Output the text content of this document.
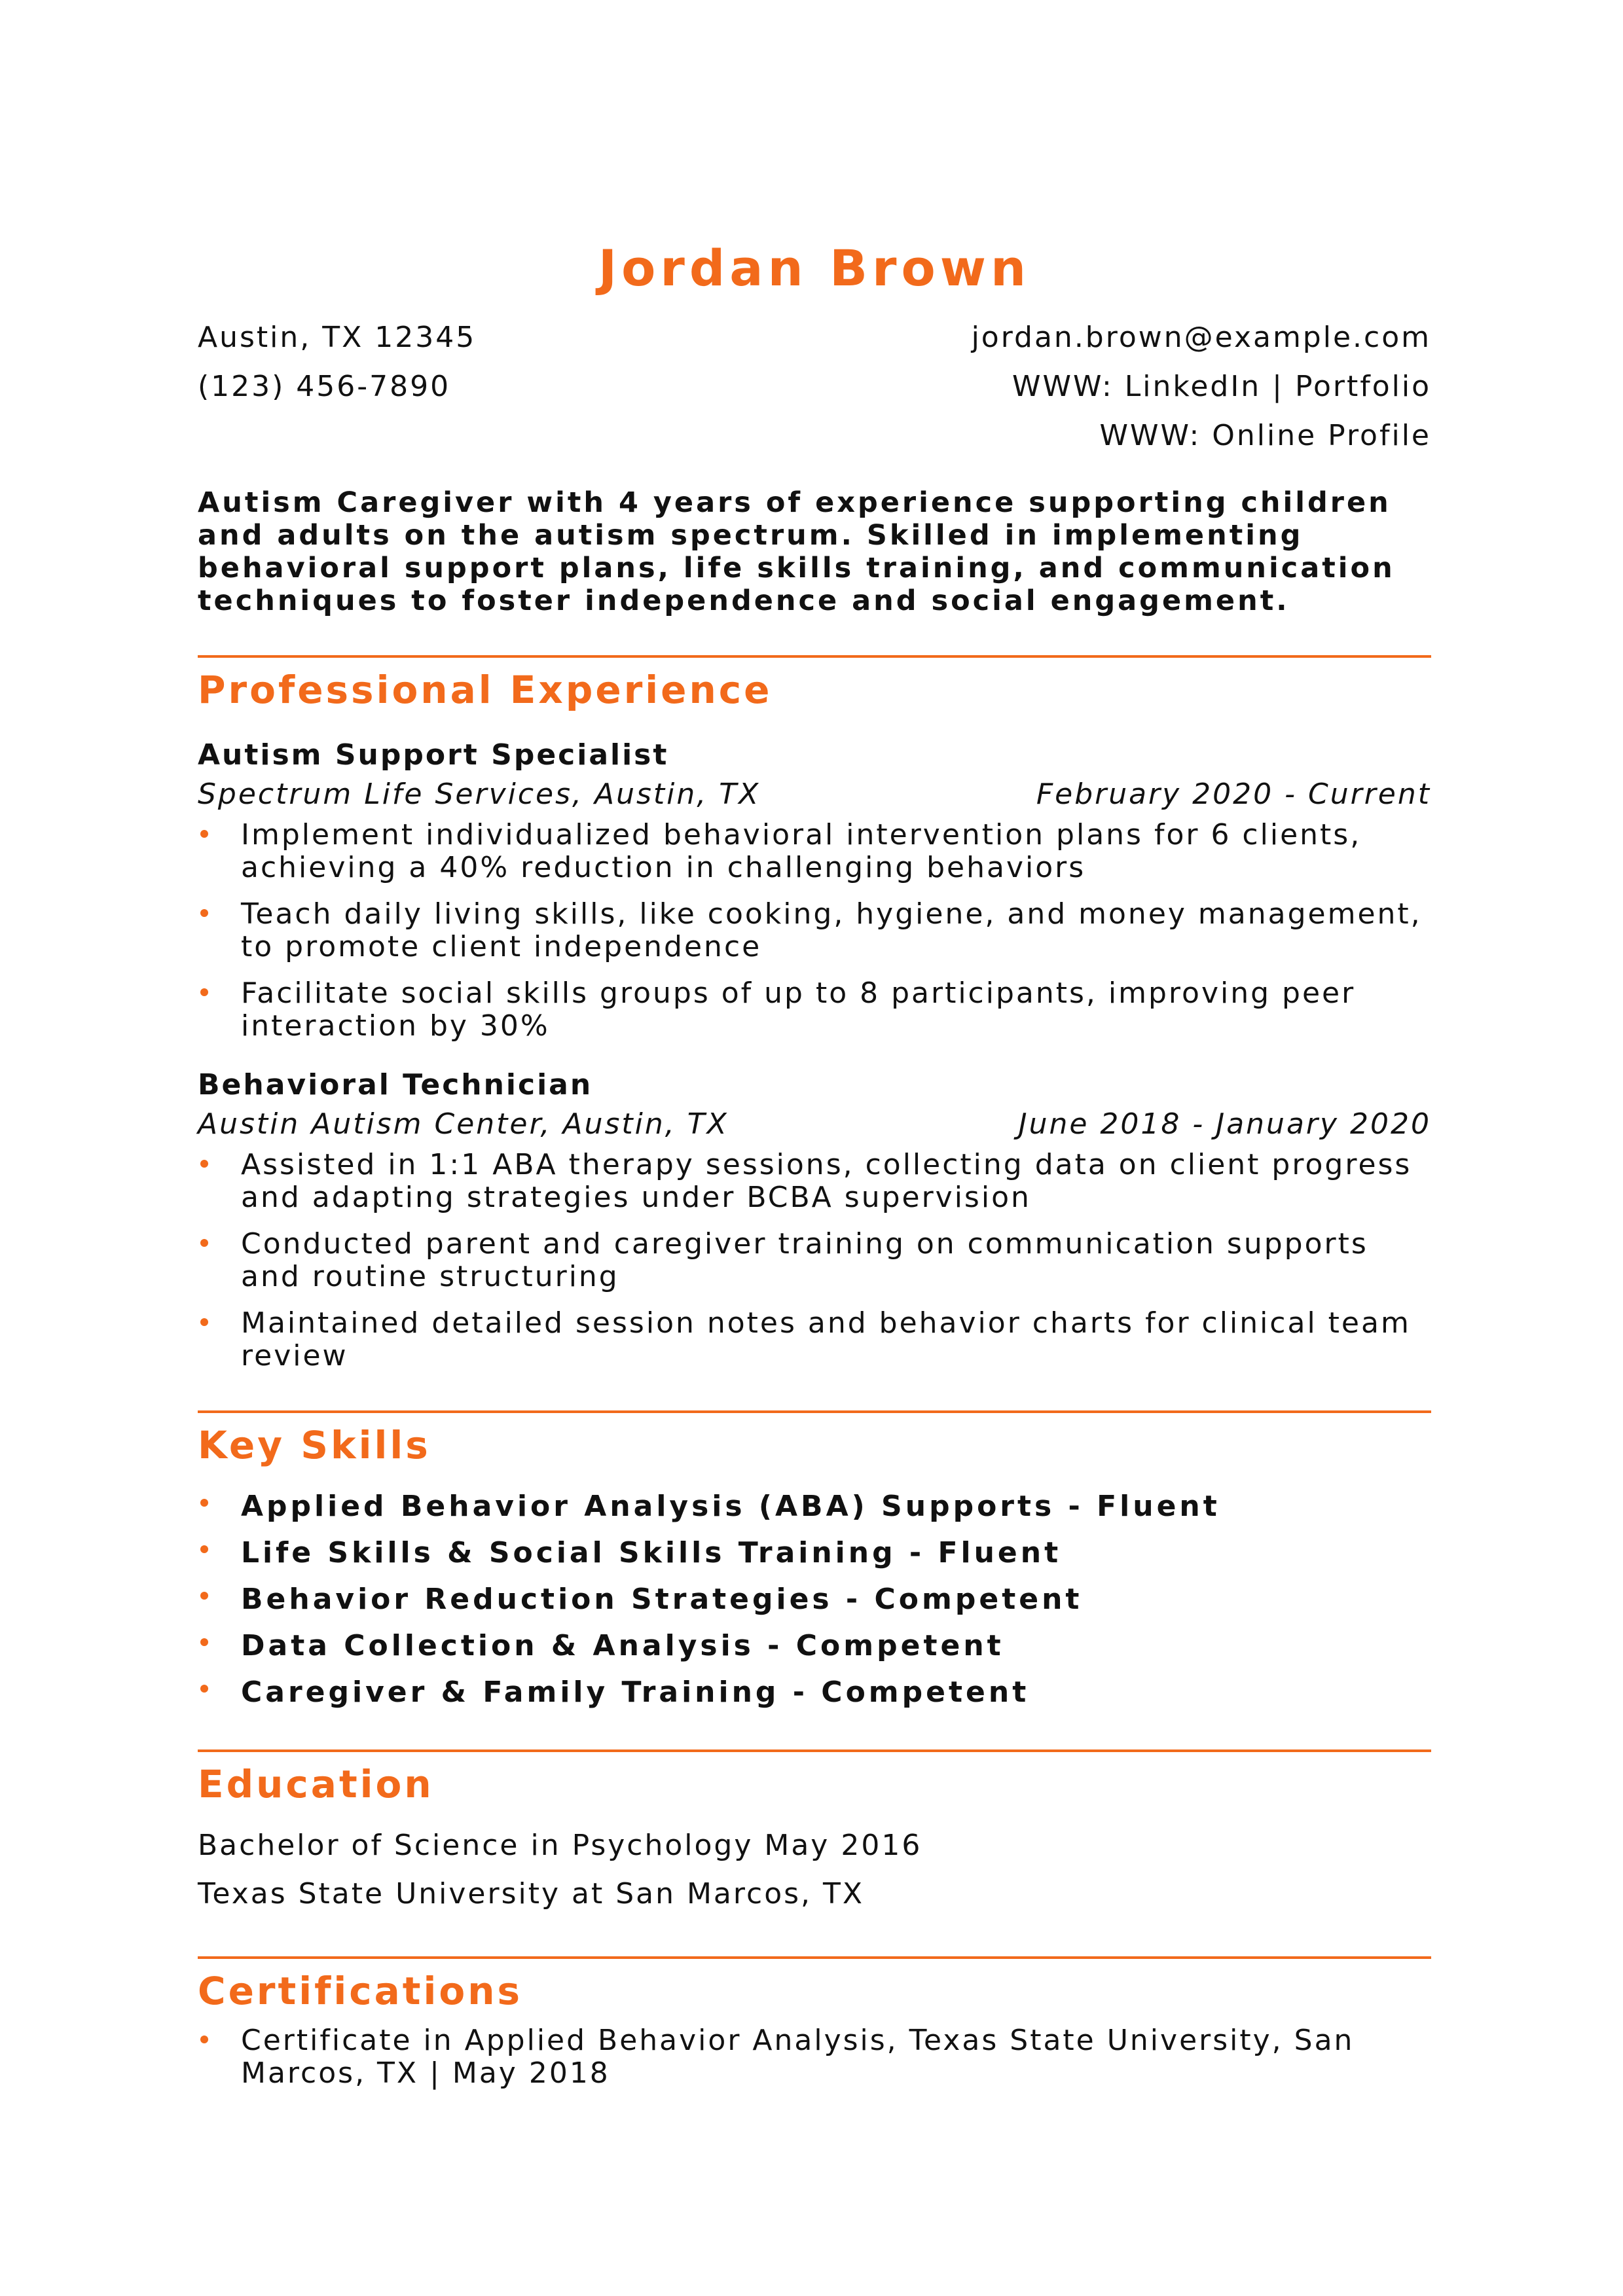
Jordan Brown
Austin, TX 12345
(123) 456-7890
jordan.brown@example.com
WWW: LinkedIn | Portfolio
WWW: Online Profile
Autism Caregiver with 4 years of experience supporting children and adults on the autism spectrum. Skilled in implementing behavioral support plans, life skills training, and communication techniques to foster independence and social engagement.
Professional Experience
Autism Support Specialist
Spectrum Life Services, Austin, TX	February 2020 - Current
Implement individualized behavioral intervention plans for 6 clients, achieving a 40% reduction in challenging behaviors
Teach daily living skills, like cooking, hygiene, and money management, to promote client independence
Facilitate social skills groups of up to 8 participants, improving peer interaction by 30%
Behavioral Technician
Austin Autism Center, Austin, TX	June 2018 - January 2020
Assisted in 1:1 ABA therapy sessions, collecting data on client progress and adapting strategies under BCBA supervision
Conducted parent and caregiver training on communication supports and routine structuring
Maintained detailed session notes and behavior charts for clinical team review
Key Skills
Applied Behavior Analysis (ABA) Supports - Fluent
Life Skills & Social Skills Training - Fluent
Behavior Reduction Strategies - Competent
Data Collection & Analysis - Competent
Caregiver & Family Training - Competent
Education
Bachelor of Science in Psychology May 2016
Texas State University at San Marcos, TX
Certifications
Certificate in Applied Behavior Analysis, Texas State University, San Marcos, TX | May 2018
